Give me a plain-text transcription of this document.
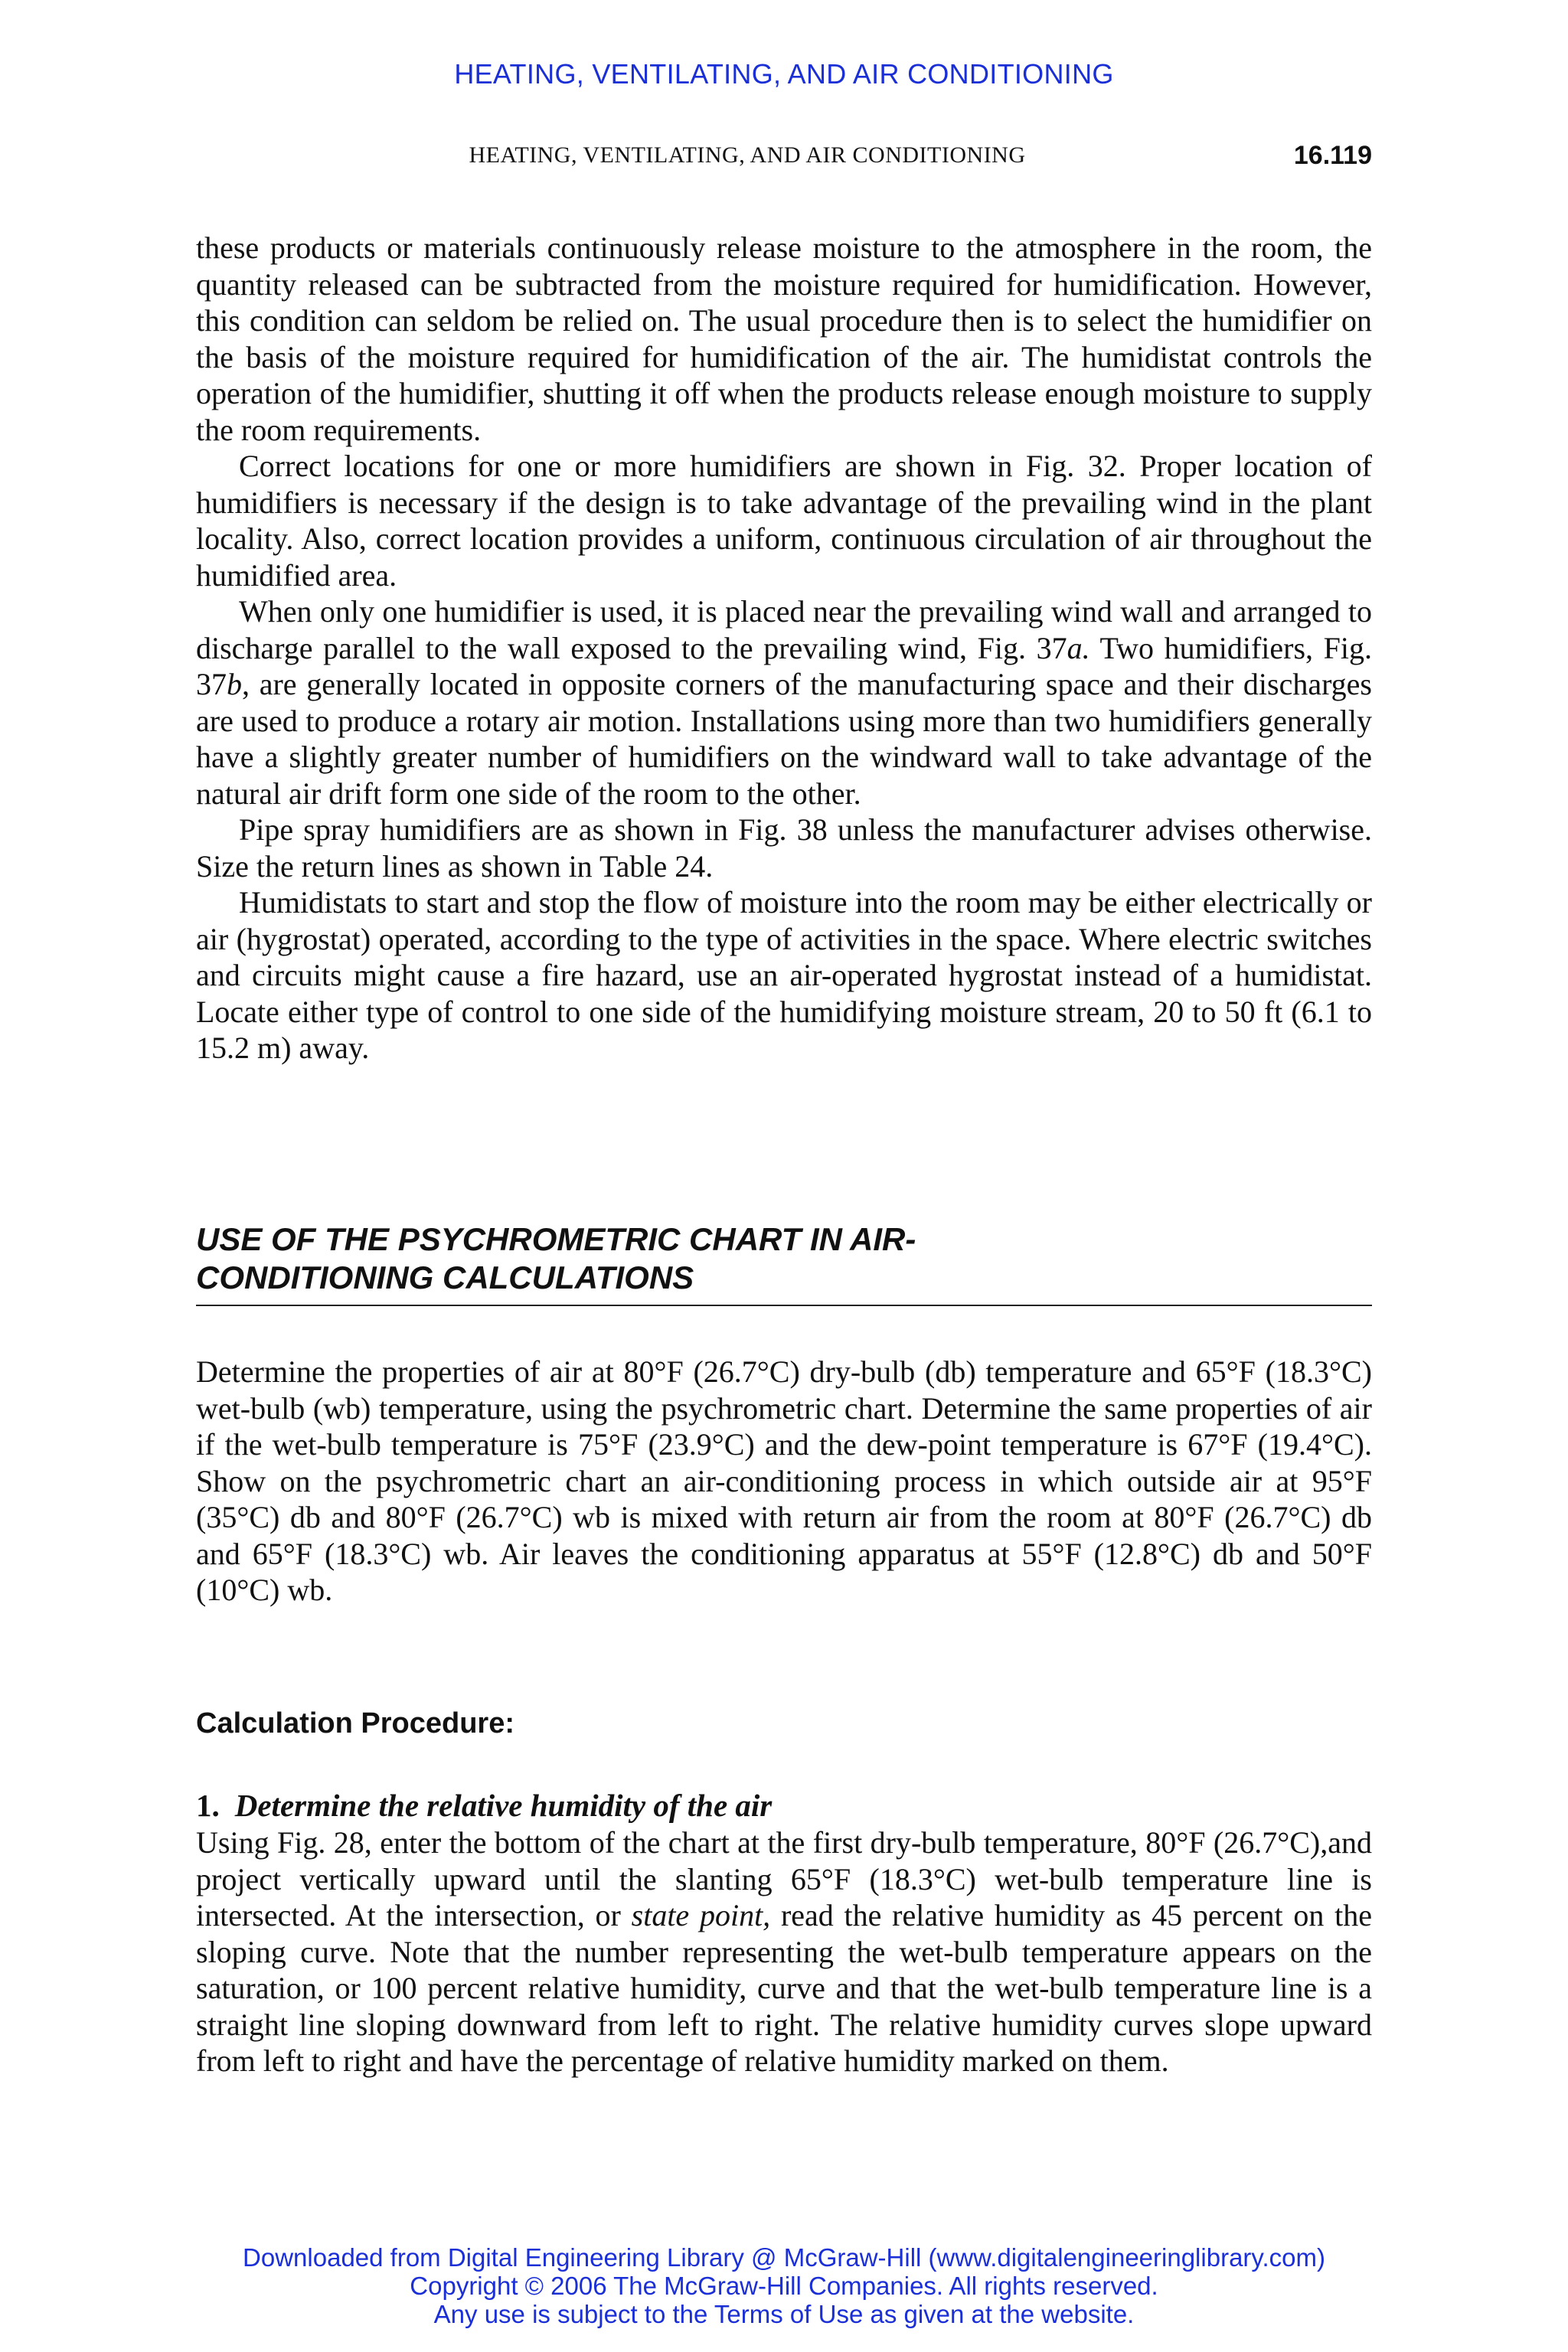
HEATING, VENTILATING, AND AIR CONDITIONING
HEATING, VENTILATING, AND AIR CONDITIONING	16.119

these products or materials continuously release moisture to the atmosphere in the room, the quantity released can be subtracted from the moisture required for humidification. However, this condition can seldom be relied on. The usual procedure then is to select the humidifier on the basis of the moisture required for humidification of the air. The humidistat controls the operation of the humidifier, shutting it off when the products release enough moisture to supply the room requirements.

Correct locations for one or more humidifiers are shown in Fig. 32. Proper location of humidifiers is necessary if the design is to take advantage of the prevailing wind in the plant locality. Also, correct location provides a uniform, continuous circulation of air throughout the humidified area.

When only one humidifier is used, it is placed near the prevailing wind wall and arranged to discharge parallel to the wall exposed to the prevailing wind, Fig. 37a. Two humidifiers, Fig. 37b, are generally located in opposite corners of the manufacturing space and their discharges are used to produce a rotary air motion. Installations using more than two humidifiers generally have a slightly greater number of humidifiers on the windward wall to take advantage of the natural air drift form one side of the room to the other.

Pipe spray humidifiers are as shown in Fig. 38 unless the manufacturer advises otherwise. Size the return lines as shown in Table 24.

Humidistats to start and stop the flow of moisture into the room may be either electrically or air (hygrostat) operated, according to the type of activities in the space. Where electric switches and circuits might cause a fire hazard, use an air-operated hygrostat instead of a humidistat. Locate either type of control to one side of the humidifying moisture stream, 20 to 50 ft (6.1 to 15.2 m) away.

USE OF THE PSYCHROMETRIC CHART IN AIR-
CONDITIONING CALCULATIONS

Determine the properties of air at 80°F (26.7°C) dry-bulb (db) temperature and 65°F (18.3°C) wet-bulb (wb) temperature, using the psychrometric chart. Determine the same properties of air if the wet-bulb temperature is 75°F (23.9°C) and the dew-point temperature is 67°F (19.4°C). Show on the psychrometric chart an air-conditioning process in which outside air at 95°F (35°C) db and 80°F (26.7°C) wb is mixed with return air from the room at 80°F (26.7°C) db and 65°F (18.3°C) wb. Air leaves the conditioning apparatus at 55°F (12.8°C) db and 50°F (10°C) wb.

Calculation Procedure:
1. Determine the relative humidity of the air

Using Fig. 28, enter the bottom of the chart at the first dry-bulb temperature, 80°F (26.7°C),and project vertically upward until the slanting 65°F (18.3°C) wet-bulb temperature line is intersected. At the intersection, or state point, read the relative humidity as 45 percent on the sloping curve. Note that the number representing the wet-bulb temperature appears on the saturation, or 100 percent relative humidity, curve and that the wet-bulb temperature line is a straight line sloping downward from left to right. The relative humidity curves slope upward from left to right and have the percentage of relative humidity marked on them.

Downloaded from Digital Engineering Library @ McGraw-Hill (www.digitalengineeringlibrary.com)
Copyright © 2006 The McGraw-Hill Companies. All rights reserved.
Any use is subject to the Terms of Use as given at the website.
